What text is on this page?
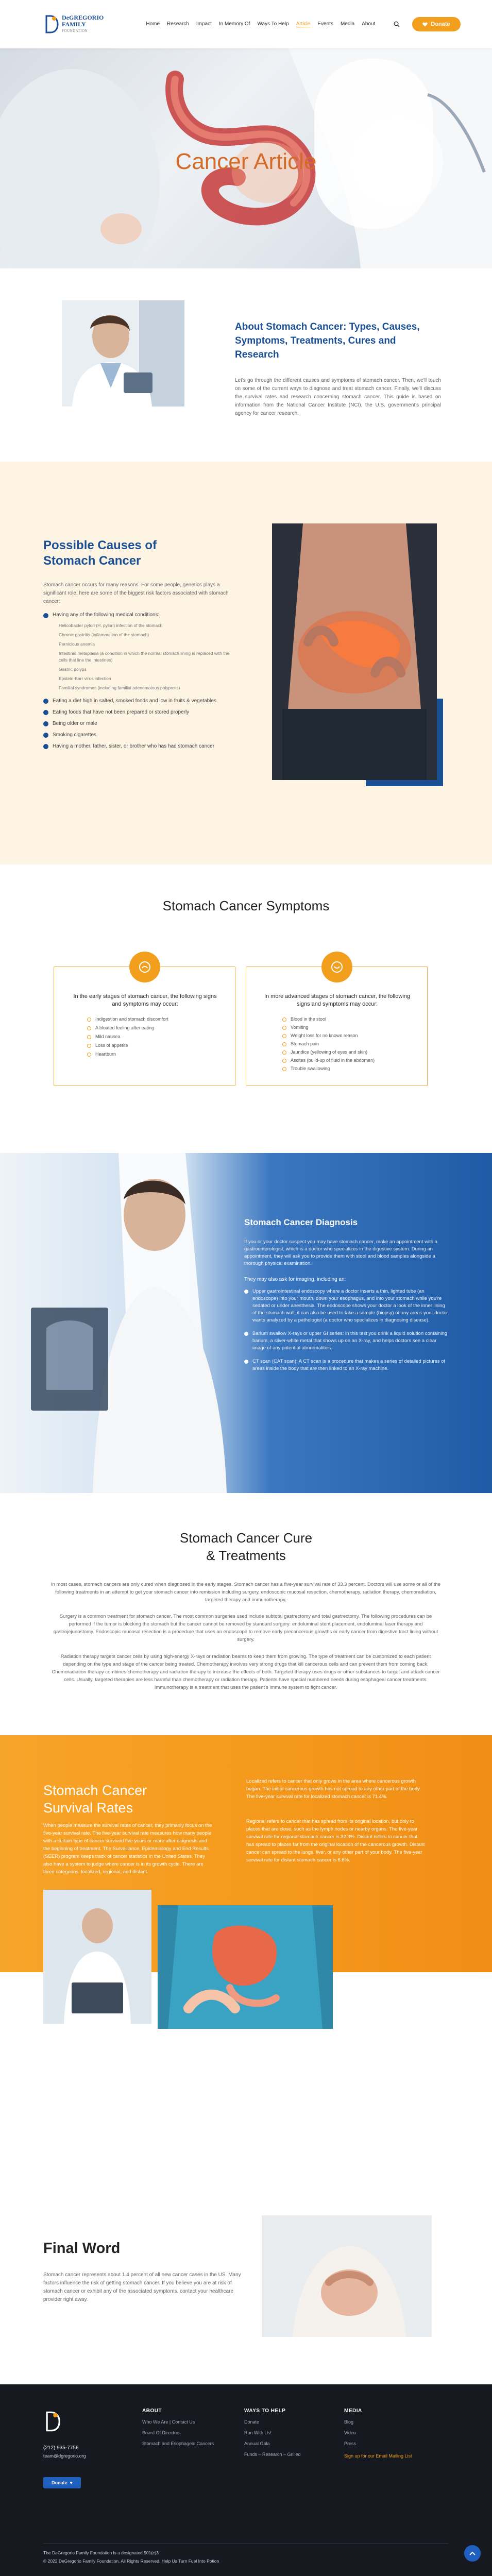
DeGREGORIO
FAMILY
FOUNDATION
Home Research Impact In Memory Of Ways To Help Article Events Media About	Donate
Cancer Article
About Stomach Cancer: Types, Causes, Symptoms, Treatments, Cures and Research
Let's go through the different causes and symptoms of stomach cancer. Then, we'll touch on some of the current ways to diagnose and treat stomach cancer. Finally, we'll discuss the survival rates and research concerning stomach cancer. This guide is based on information from the National Cancer Institute (NCI), the U.S. government's principal agency for cancer research.
Possible Causes of Stomach Cancer
Stomach cancer occurs for many reasons. For some people, genetics plays a significant role; here are some of the biggest risk factors associated with stomach cancer:
Having any of the following medical conditions:
Helicobacter pylori (H. pylori) infection of the stomach
Chronic gastritis (inflammation of the stomach)
Pernicious anemia
Intestinal metaplasia (a condition in which the normal stomach lining is replaced with the cells that line the intestines)
Gastric polyps
Epstein-Barr virus infection
Familial syndromes (including familial adenomatous polyposis)
Eating a diet high in salted, smoked foods and low in fruits & vegetables
Eating foods that have not been prepared or stored properly
Being older or male
Smoking cigarettes
Having a mother, father, sister, or brother who has had stomach cancer
Stomach Cancer Symptoms
In the early stages of stomach cancer, the following signs and symptoms may occur:
Indigestion and stomach discomfort
A bloated feeling after eating
Mild nausea
Loss of appetite
Heartburn
In more advanced stages of stomach cancer, the following signs and symptoms may occur:
Blood in the stool
Vomiting
Weight loss for no known reason
Stomach pain
Jaundice (yellowing of eyes and skin)
Ascites (build-up of fluid in the abdomen)
Trouble swallowing
Stomach Cancer Diagnosis
If you or your doctor suspect you may have stomach cancer, make an appointment with a gastroenterologist, which is a doctor who specializes in the digestive system. During an appointment, they will ask you to provide them with stool and blood samples alongside a thorough physical examination.
They may also ask for imaging, including an:
Upper gastrointestinal endoscopy where a doctor inserts a thin, lighted tube (an endoscope) into your mouth, down your esophagus, and into your stomach while you're sedated or under anesthesia. The endoscope shows your doctor a look of the inner lining of the stomach wall; it can also be used to take a sample (biopsy) of any areas your doctor wants analyzed by a pathologist (a doctor who specializes in diagnosing disease).
Barium swallow X-rays or upper GI series: in this test you drink a liquid solution containing barium, a silver-white metal that shows up on an X-ray, and helps doctors see a clear image of any potential abnormalities.
CT scan (CAT scan): A CT scan is a procedure that makes a series of detailed pictures of areas inside the body that are then linked to an X-ray machine.
Stomach Cancer Cure
& Treatments
In most cases, stomach cancers are only cured when diagnosed in the early stages. Stomach cancer has a five-year survival rate of 33.3 percent. Doctors will use some or all of the following treatments in an attempt to get your stomach cancer into remission including surgery, endoscopic mucosal resection, chemotherapy, radiation therapy, chemoradiation, targeted therapy and immunotherapy.
Surgery is a common treatment for stomach cancer. The most common surgeries used include subtotal gastrectomy and total gastrectomy. The following procedures can be performed if the tumor is blocking the stomach but the cancer cannot be removed by standard surgery: endoluminal stent placement, endoluminal laser therapy and gastrojejunostomy. Endoscopic mucosal resection is a procedure that uses an endoscope to remove early precancerous growths or early cancer from digestive tract lining without surgery.
Radiation therapy targets cancer cells by using high-energy X-rays or radiation beams to keep them from growing. The type of treatment can be customized to each patient depending on the type and stage of the cancer being treated. Chemotherapy involves very strong drugs that kill cancerous cells and can prevent them from coming back. Chemoradiation therapy combines chemotherapy and radiation therapy to increase the effects of both. Targeted therapy uses drugs or other substances to target and attack cancer cells. Usually, targeted therapies are less harmful than chemotherapy or radiation therapy. Patients have special numbered needs during esophageal cancer treatments. Immunotherapy is a treatment that uses the patient's immune system to fight cancer.
Stomach Cancer
Survival Rates
When people measure the survival rates of cancer, they primarily focus on the five-year survival rate. The five-year survival rate measures how many people with a certain type of cancer survived five years or more after diagnosis and the beginning of treatment. The Surveillance, Epidemiology and End Results (SEER) program keeps track of cancer statistics in the United States. They also have a system to judge where cancer is in its growth cycle. There are three categories: localized, regional, and distant.
Localized refers to cancer that only grows in the area where cancerous growth began. The initial cancerous growth has not spread to any other part of the body. The five-year survival rate for localized stomach cancer is 71.4%.
Regional refers to cancer that has spread from its original location, but only to places that are close, such as the lymph nodes or nearby organs. The five-year survival rate for regional stomach cancer is 32.3%. Distant refers to cancer that has spread to places far from the original location of the cancerous growth. Distant cancer can spread to the lungs, liver, or any other part of your body. The five-year survival rate for distant stomach cancer is 6.6%.
Final Word
Stomach cancer represents about 1.4 percent of all new cancer cases in the US. Many factors influence the risk of getting stomach cancer. If you believe you are at risk of stomach cancer or exhibit any of the associated symptoms, contact your healthcare provider right away.
(212) 935-7756
team@dgregorio.org
Donate ♥
ABOUT
Who We Are | Contact Us
Board Of Directors
Stomach and Esophageal Cancers
WAYS TO HELP
Donate
Run With Us!
Annual Gala
Funds – Research – Grilled
MEDIA
Blog
Video
Press
Sign up for our Email Mailing List
The DeGregorio Family Foundation is a designated 501(c)3
© 2022 DeGregorio Family Foundation. All Rights Reserved. Help Us Turn Fuel Into Potion
